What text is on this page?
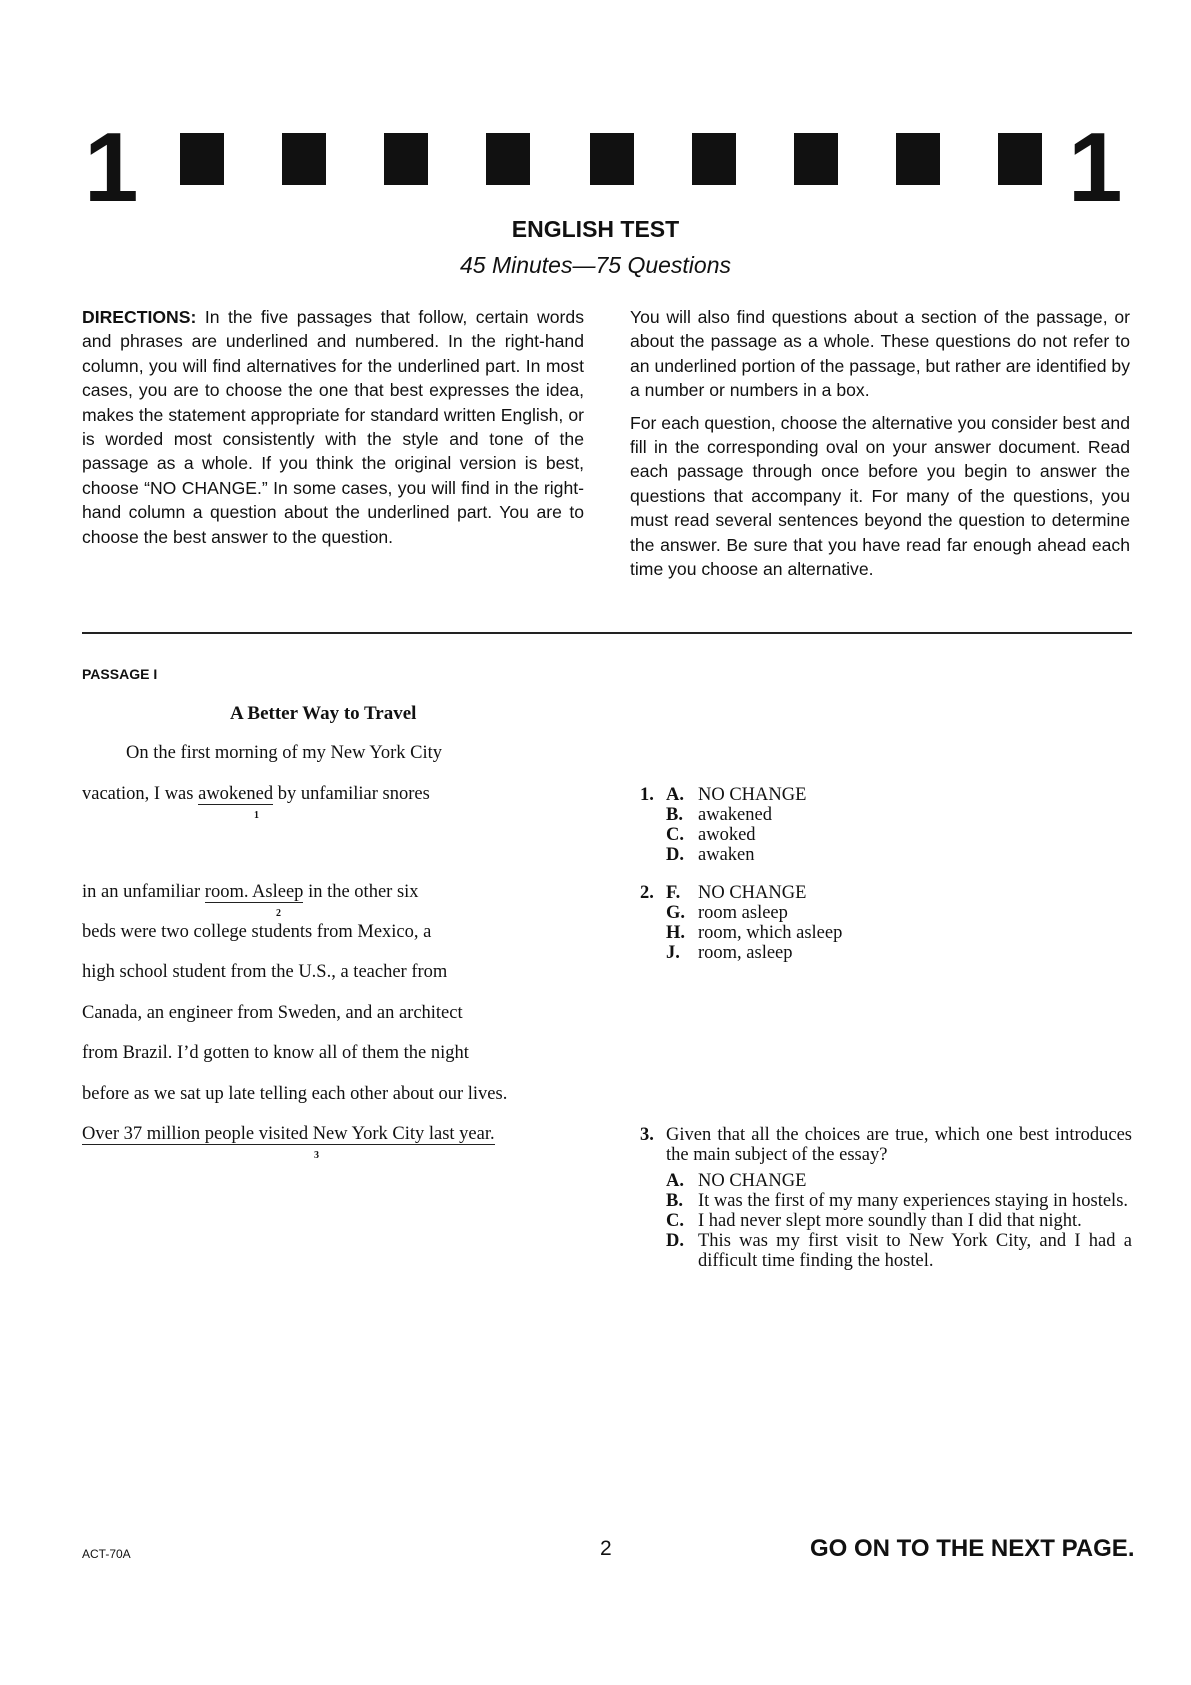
1	1
ENGLISH TEST
45 Minutes—75 Questions

DIRECTIONS: In the five passages that follow, certain words and phrases are underlined and numbered. In the right-hand column, you will find alternatives for the underlined part. In most cases, you are to choose the one that best expresses the idea, makes the statement appropriate for standard written English, or is worded most consistently with the style and tone of the passage as a whole. If you think the original version is best, choose “NO CHANGE.” In some cases, you will find in the right-hand column a question about the underlined part. You are to choose the best answer to the question.

You will also find questions about a section of the passage, or about the passage as a whole. These questions do not refer to an underlined portion of the passage, but rather are identified by a number or numbers in a box.

For each question, choose the alternative you consider best and fill in the corresponding oval on your answer document. Read each passage through once before you begin to answer the questions that accompany it. For many of the questions, you must read several sentences beyond the question to determine the answer. Be sure that you have read far enough ahead each time you choose an alternative.

PASSAGE I
A Better Way to Travel
On the first morning of my New York City
vacation, I was awokened by unfamiliar snores
1
in an unfamiliar room. Asleep in the other six
2
beds were two college students from Mexico, a
high school student from the U.S., a teacher from
Canada, an engineer from Sweden, and an architect
from Brazil. I’d gotten to know all of them the night
before as we sat up late telling each other about our lives.
Over 37 million people visited New York City last year.
3
1. A. NO CHANGE
B. awakened
C. awoked
D. awaken
2. F. NO CHANGE
G. room asleep
H. room, which asleep
J. room, asleep
3. Given that all the choices are true, which one best introduces the main subject of the essay?
A. NO CHANGE
B. It was the first of my many experiences staying in hostels.
C. I had never slept more soundly than I did that night.
D. This was my first visit to New York City, and I had a difficult time finding the hostel.
ACT-70A	2	GO ON TO THE NEXT PAGE.
